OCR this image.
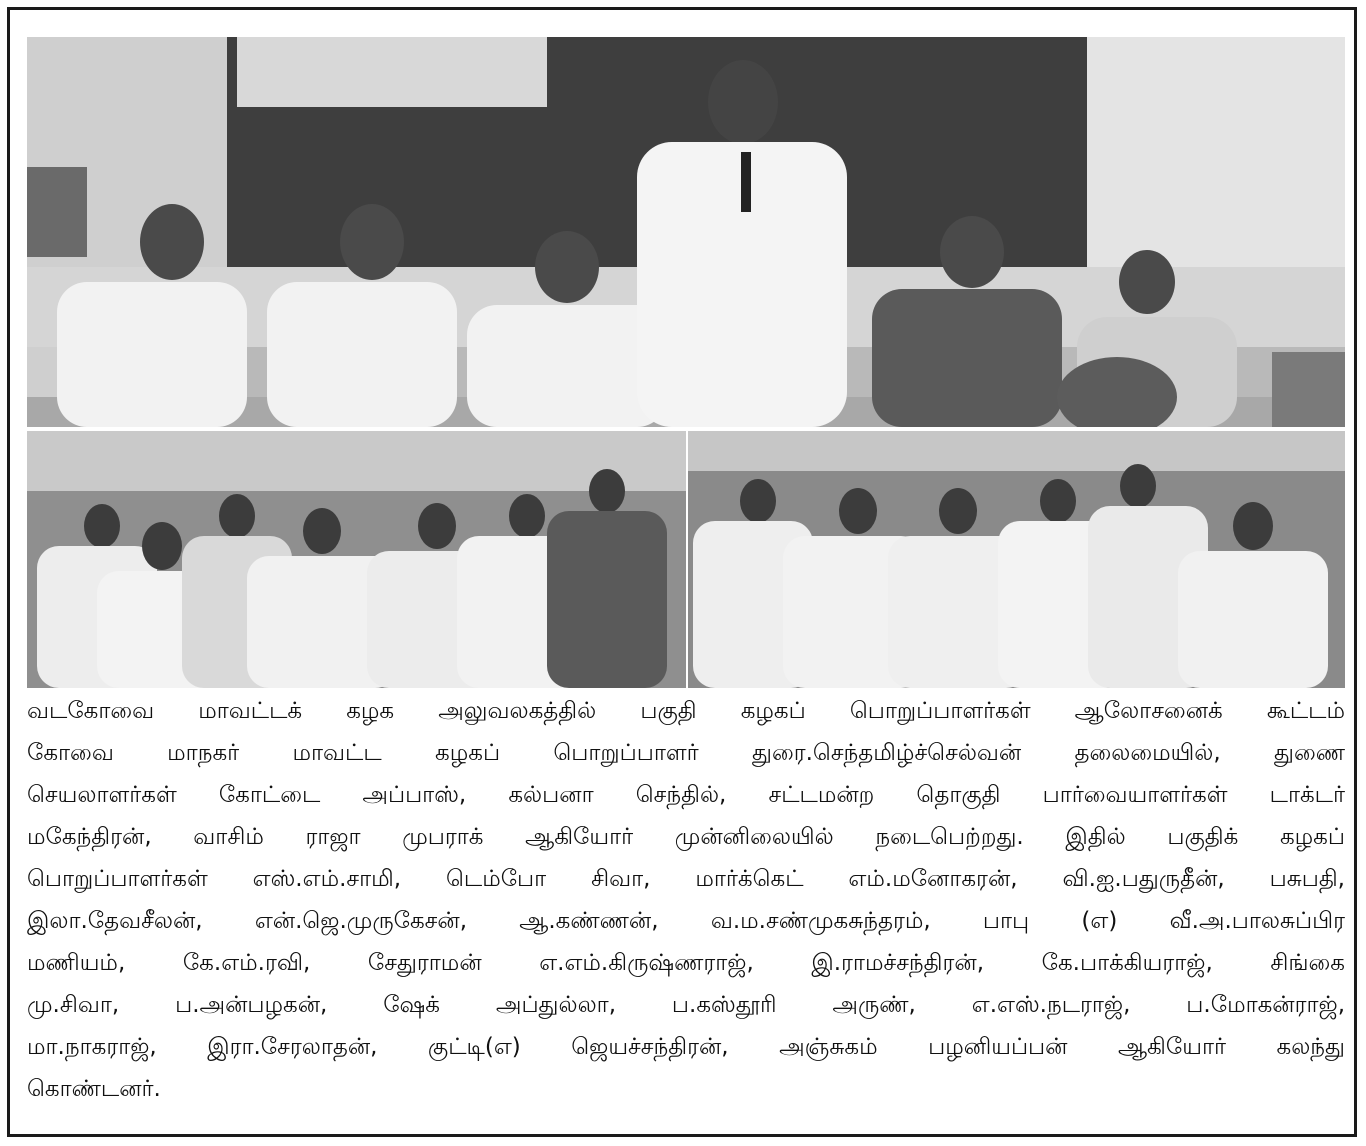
வடகோவை மாவட்டக் கழக அலுவலகத்தில் பகுதி கழகப் பொறுப்பாளர்கள் ஆலோசனைக் கூட்டம்
கோவை மாநகர் மாவட்ட கழகப் பொறுப்பாளர் துரை.செந்தமிழ்ச்செல்வன் தலைமையில், துணை
செயலாளர்கள் கோட்டை அப்பாஸ், கல்பனா செந்தில், சட்டமன்ற தொகுதி பார்வையாளர்கள் டாக்டர்
மகேந்திரன், வாசிம் ராஜா முபராக் ஆகியோர் முன்னிலையில் நடைபெற்றது. இதில் பகுதிக் கழகப்
பொறுப்பாளர்கள் எஸ்.எம்.சாமி, டெம்போ சிவா, மார்க்கெட் எம்.மனோகரன், வி.ஐ.பதுருதீன், பசுபதி,
இலா.தேவசீலன், என்.ஜெ.முருகேசன், ஆ.கண்ணன், வ.ம.சண்முகசுந்தரம், பாபு (எ) வீ.அ.பாலசுப்பிர
மணியம், கே.எம்.ரவி, சேதுராமன் எ.எம்.கிருஷ்ணராஜ், இ.ராமச்சந்திரன், கே.பாக்கியராஜ், சிங்கை
மு.சிவா, ப.அன்பழகன், ஷேக் அப்துல்லா, ப.கஸ்தூரி அருண், எ.எஸ்.நடராஜ், ப.மோகன்ராஜ்,
மா.நாகராஜ், இரா.சேரலாதன், குட்டி(எ) ஜெயச்சந்திரன், அஞ்சுகம் பழனியப்பன் ஆகியோர் கலந்து
கொண்டனர்.
